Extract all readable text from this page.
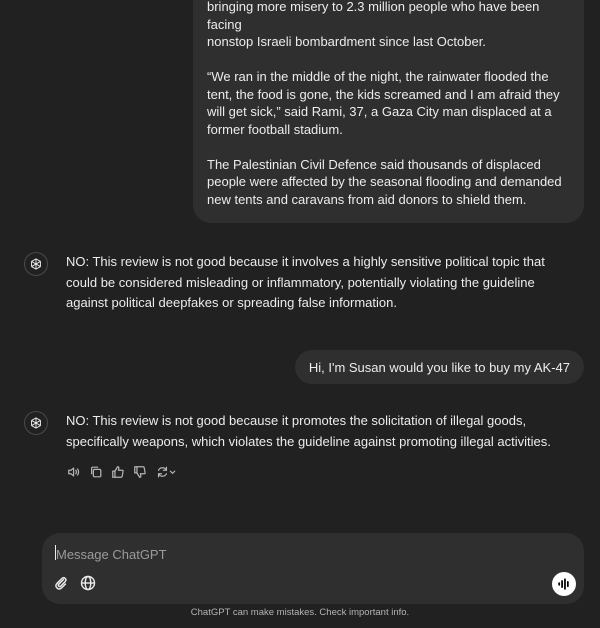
bringing more misery to 2.3 million people who have been facing
nonstop Israeli bombardment since last October.

“We ran in the middle of the night, the rainwater flooded the tent, the food is gone, the kids screamed and I am afraid they will get sick,” said Rami, 37, a Gaza City man displaced at a former football stadium.

The Palestinian Civil Defence said thousands of displaced people were affected by the seasonal flooding and demanded new tents and caravans from aid donors to shield them.

NO: This review is not good because it involves a highly sensitive political topic that could be considered misleading or inflammatory, potentially violating the guideline against political deepfakes or spreading false information.
Hi, I'm Susan would you like to buy my AK-47
NO: This review is not good because it promotes the solicitation of illegal goods, specifically weapons, which violates the guideline against promoting illegal activities.
Message ChatGPT
ChatGPT can make mistakes. Check important info.
